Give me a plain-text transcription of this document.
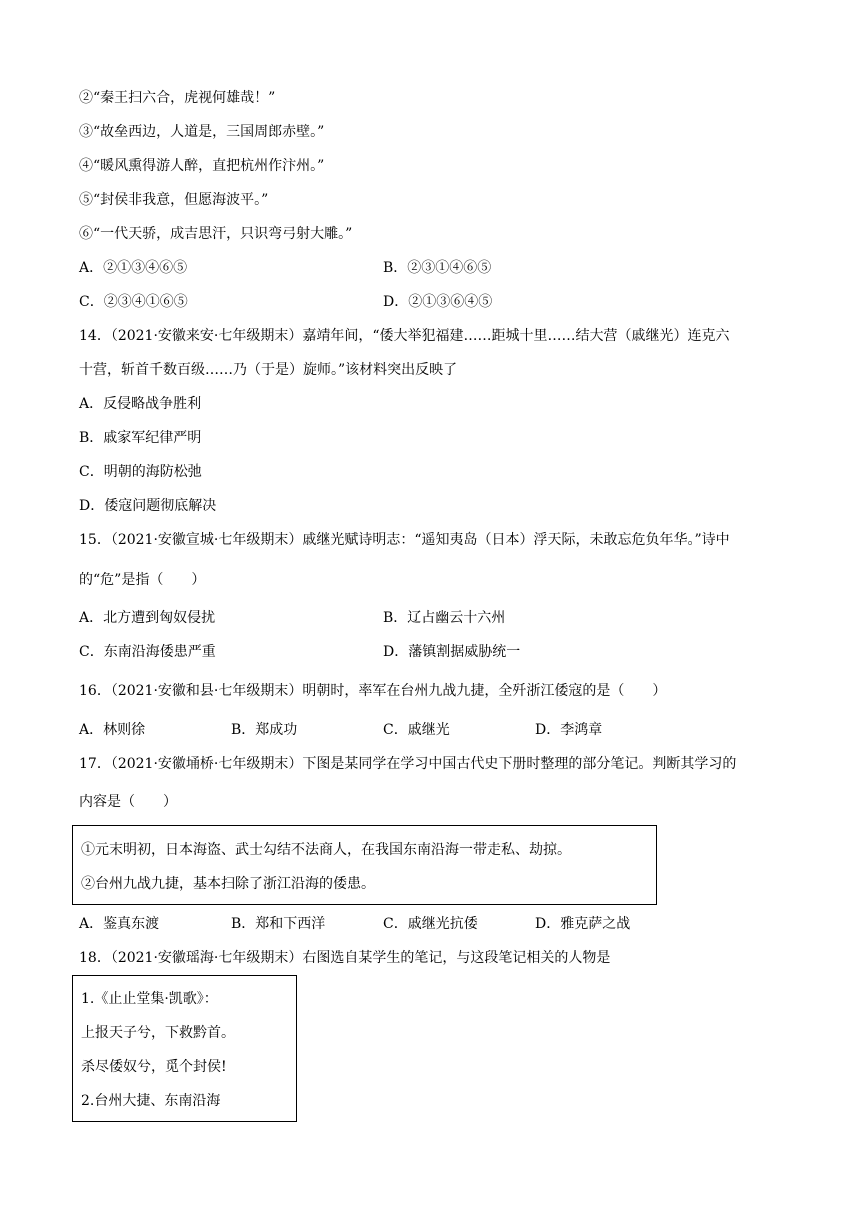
②“秦王扫六合，虎视何雄哉！”
③“故垒西边，人道是，三国周郎赤壁。”
④“暖风熏得游人醉，直把杭州作汴州。”
⑤“封侯非我意，但愿海波平。”
⑥“一代天骄，成吉思汗，只识弯弓射大雕。”
A．②①③④⑥⑤	B．②③①④⑥⑤
C．②③④①⑥⑤	D．②①③⑥④⑤
14．（2021·安徽来安·七年级期末）嘉靖年间，“倭大举犯福建……距城十里……结大营（戚继光）连克六
十营，斩首千数百级……乃（于是）旋师。”该材料突出反映了
A．反侵略战争胜利
B．戚家军纪律严明
C．明朝的海防松弛
D．倭寇问题彻底解决
15．（2021·安徽宣城·七年级期末）戚继光赋诗明志：“遥知夷岛（日本）浮天际，未敢忘危负年华。”诗中
的“危”是指（　　）
A．北方遭到匈奴侵扰	B．辽占幽云十六州
C．东南沿海倭患严重	D．藩镇割据威胁统一
16．（2021·安徽和县·七年级期末）明朝时，率军在台州九战九捷，全歼浙江倭寇的是（　　）
A．林则徐	B．郑成功	C．戚继光	D．李鸿章
17．（2021·安徽埇桥·七年级期末）下图是某同学在学习中国古代史下册时整理的部分笔记。判断其学习的
内容是（　　）
①元末明初，日本海盗、武士勾结不法商人，在我国东南沿海一带走私、劫掠。
②台州九战九捷，基本扫除了浙江沿海的倭患。
A．鉴真东渡	B．郑和下西洋	C．戚继光抗倭	D．雅克萨之战
18．（2021·安徽瑶海·七年级期末）右图选自某学生的笔记，与这段笔记相关的人物是
1.《止止堂集·凯歌》：
上报天子兮，下救黔首。
杀尽倭奴兮，觅个封侯!
2.台州大捷、东南沿海
